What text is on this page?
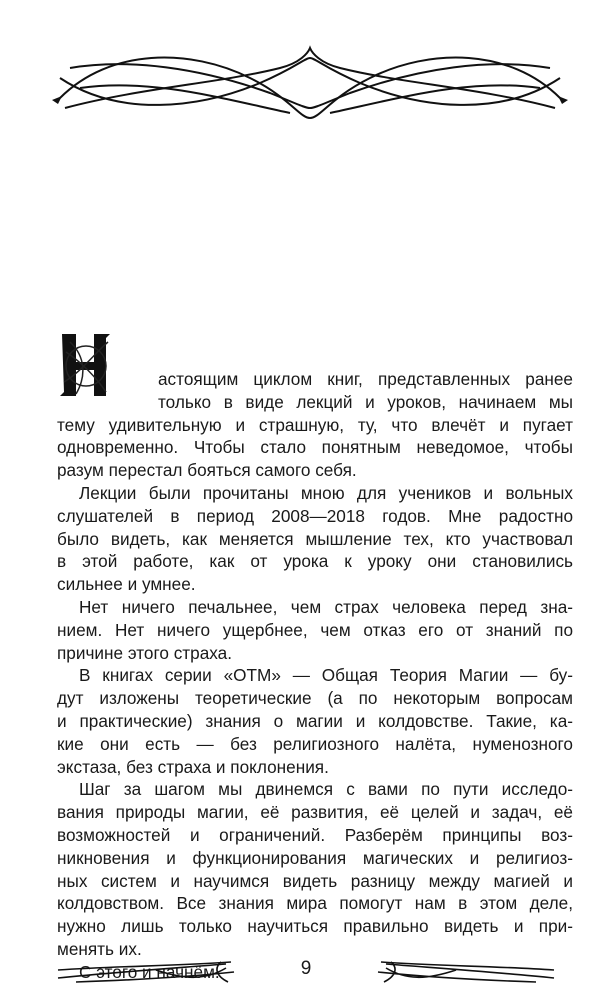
астоящим циклом книг, представленных ранее
только в виде лекций и уроков, начинаем мы
тему удивительную и страшную, ту, что влечёт и пугает
одновременно. Чтобы стало понятным неведомое, чтобы
разум перестал бояться самого себя.
Лекции были прочитаны мною для учеников и вольных
слушателей в период 2008—2018 годов. Мне радостно
было видеть, как меняется мышление тех, кто участвовал
в этой работе, как от урока к уроку они становились
сильнее и умнее.
Нет ничего печальнее, чем страх человека перед зна-
нием. Нет ничего ущербнее, чем отказ его от знаний по
причине этого страха.
В книгах серии «ОТМ» — Общая Теория Магии — бу-
дут изложены теоретические (а по некоторым вопросам
и практические) знания о магии и колдовстве. Такие, ка-
кие они есть — без религиозного налёта, нуменозного
экстаза, без страха и поклонения.
Шаг за шагом мы двинемся с вами по пути исследо-
вания природы магии, её развития, её целей и задач, её
возможностей и ограничений. Разберём принципы воз-
никновения и функционирования магических и религиоз-
ных систем и научимся видеть разницу между магией и
колдовством. Все знания мира помогут нам в этом деле,
нужно лишь только научиться правильно видеть и при-
менять их.
С этого и начнём.	9
